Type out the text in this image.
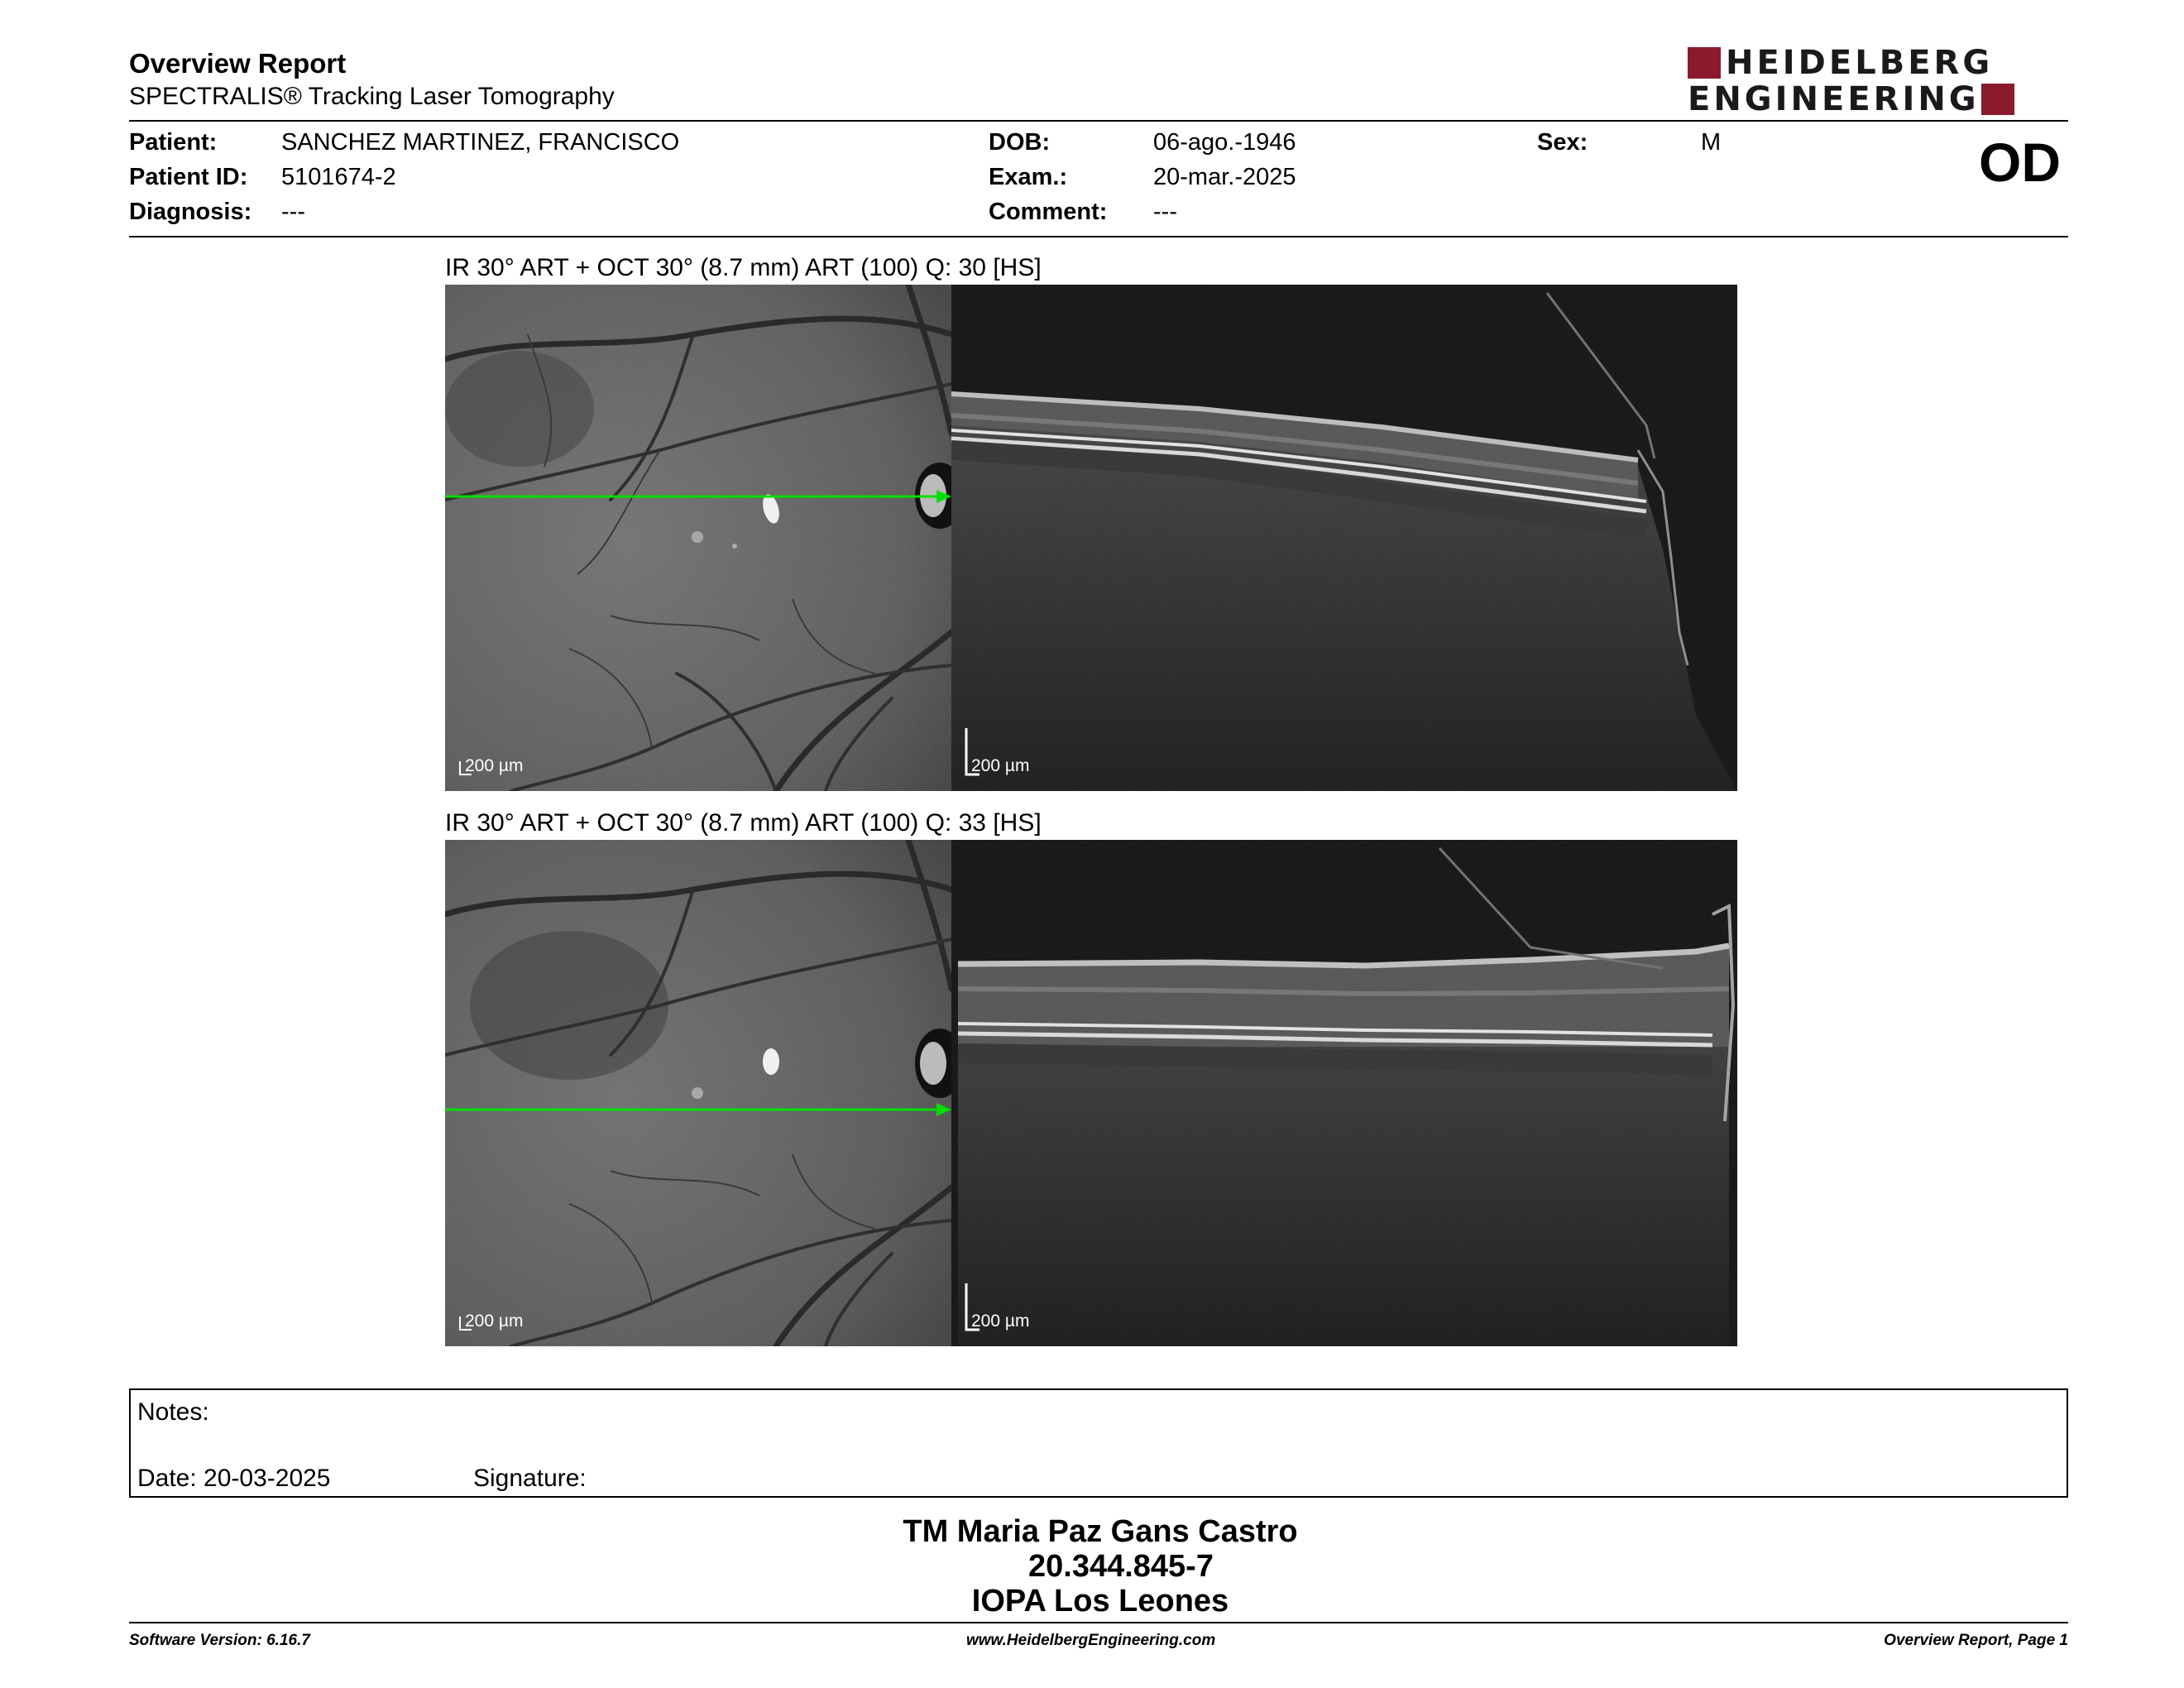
Overview Report
SPECTRALIS® Tracking Laser Tomography
HEIDELBERG
ENGINEERING
Patient:	SANCHEZ MARTINEZ, FRANCISCO
Patient ID: 5101674-2
Diagnosis: ---
DOB:	06-ago.-1946
Exam.:	20-mar.-2025
Comment: ---
Sex:	M	OD
IR 30° ART + OCT 30° (8.7 mm) ART (100) Q: 30 [HS]
200 µm	200 µm
IR 30° ART + OCT 30° (8.7 mm) ART (100) Q: 33 [HS]
200 µm	200 µm
Notes:
Date: 20-03-2025	Signature:
TM Maria Paz Gans Castro
20.344.845-7
IOPA Los Leones
Software Version: 6.16.7	www.HeidelbergEngineering.com	Overview Report, Page 1
